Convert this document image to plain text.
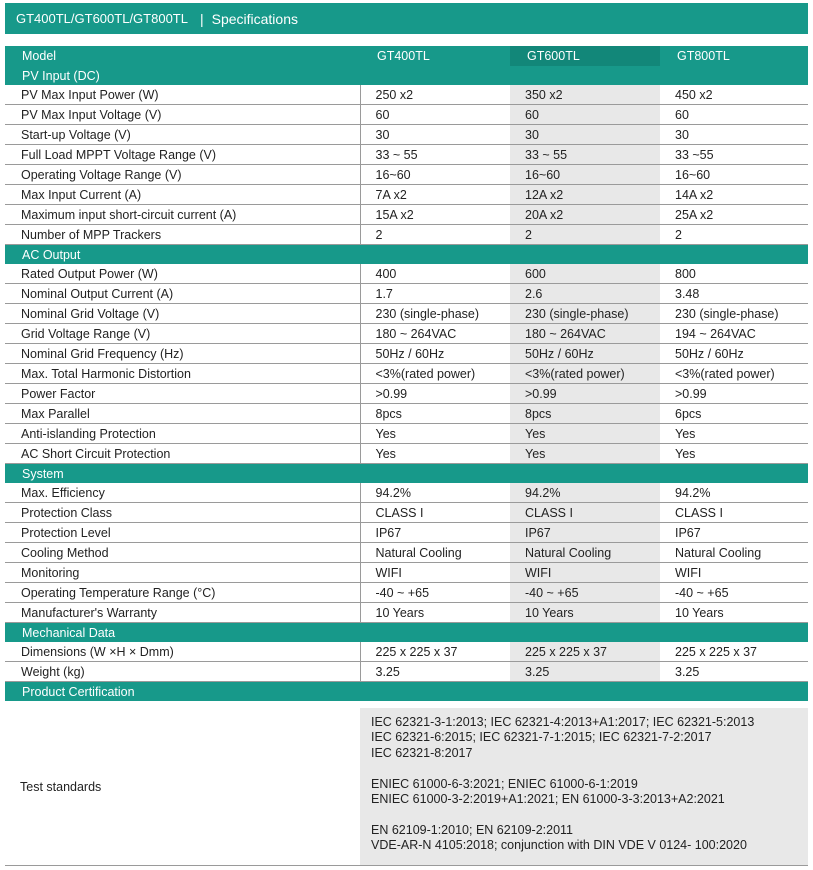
GT400TL/GT600TL/GT800TL | Specifications
Model	GT400TL	GT600TL	GT800TL
PV Input (DC)			
PV Max Input Power (W)	250 x2	350 x2	450 x2
PV Max Input Voltage (V)	60	60	60
Start-up Voltage (V)	30	30	30
Full Load MPPT Voltage Range (V)	33 ~ 55	33 ~ 55	33 ~55
Operating Voltage Range (V)	16~60	16~60	16~60
Max Input Current (A)	7A x2	12A x2	14A x2
Maximum input short-circuit current (A)	15A x2	20A x2	25A x2
Number of MPP Trackers	2	2	2
AC Output			
Rated Output Power (W)	400	600	800
Nominal Output Current (A)	1.7	2.6	3.48
Nominal Grid Voltage (V)	230 (single-phase)	230 (single-phase)	230 (single-phase)
Grid Voltage Range (V)	180 ~ 264VAC	180 ~ 264VAC	194 ~ 264VAC
Nominal Grid Frequency (Hz)	50Hz / 60Hz	50Hz / 60Hz	50Hz / 60Hz
Max. Total Harmonic Distortion	<3%(rated power)	<3%(rated power)	<3%(rated power)
Power Factor	>0.99	>0.99	>0.99
Max Parallel	8pcs	8pcs	6pcs
Anti-islanding Protection	Yes	Yes	Yes
AC Short Circuit Protection	Yes	Yes	Yes
System			
Max. Efficiency	94.2%	94.2%	94.2%
Protection Class	CLASS I	CLASS I	CLASS I
Protection Level	IP67	IP67	IP67
Cooling Method	Natural Cooling	Natural Cooling	Natural Cooling
Monitoring	WIFI	WIFI	WIFI
Operating Temperature Range (°C)	-40 ~ +65	-40 ~ +65	-40 ~ +65
Manufacturer's Warranty	10 Years	10 Years	10 Years
Mechanical Data			
Dimensions (W ×H × Dmm)	225 x 225 x 37	225 x 225 x 37	225 x 225 x 37
Weight (kg)	3.25	3.25	3.25
Product Certification			
Test standards
IEC 62321-3-1:2013; IEC 62321-4:2013+A1:2017; IEC 62321-5:2013
IEC 62321-6:2015; IEC 62321-7-1:2015; IEC 62321-7-2:2017
IEC 62321-8:2017
ENIEC 61000-6-3:2021; ENIEC 61000-6-1:2019
ENIEC 61000-3-2:2019+A1:2021; EN 61000-3-3:2013+A2:2021
EN 62109-1:2010; EN 62109-2:2011
VDE-AR-N 4105:2018; conjunction with DIN VDE V 0124- 100:2020
